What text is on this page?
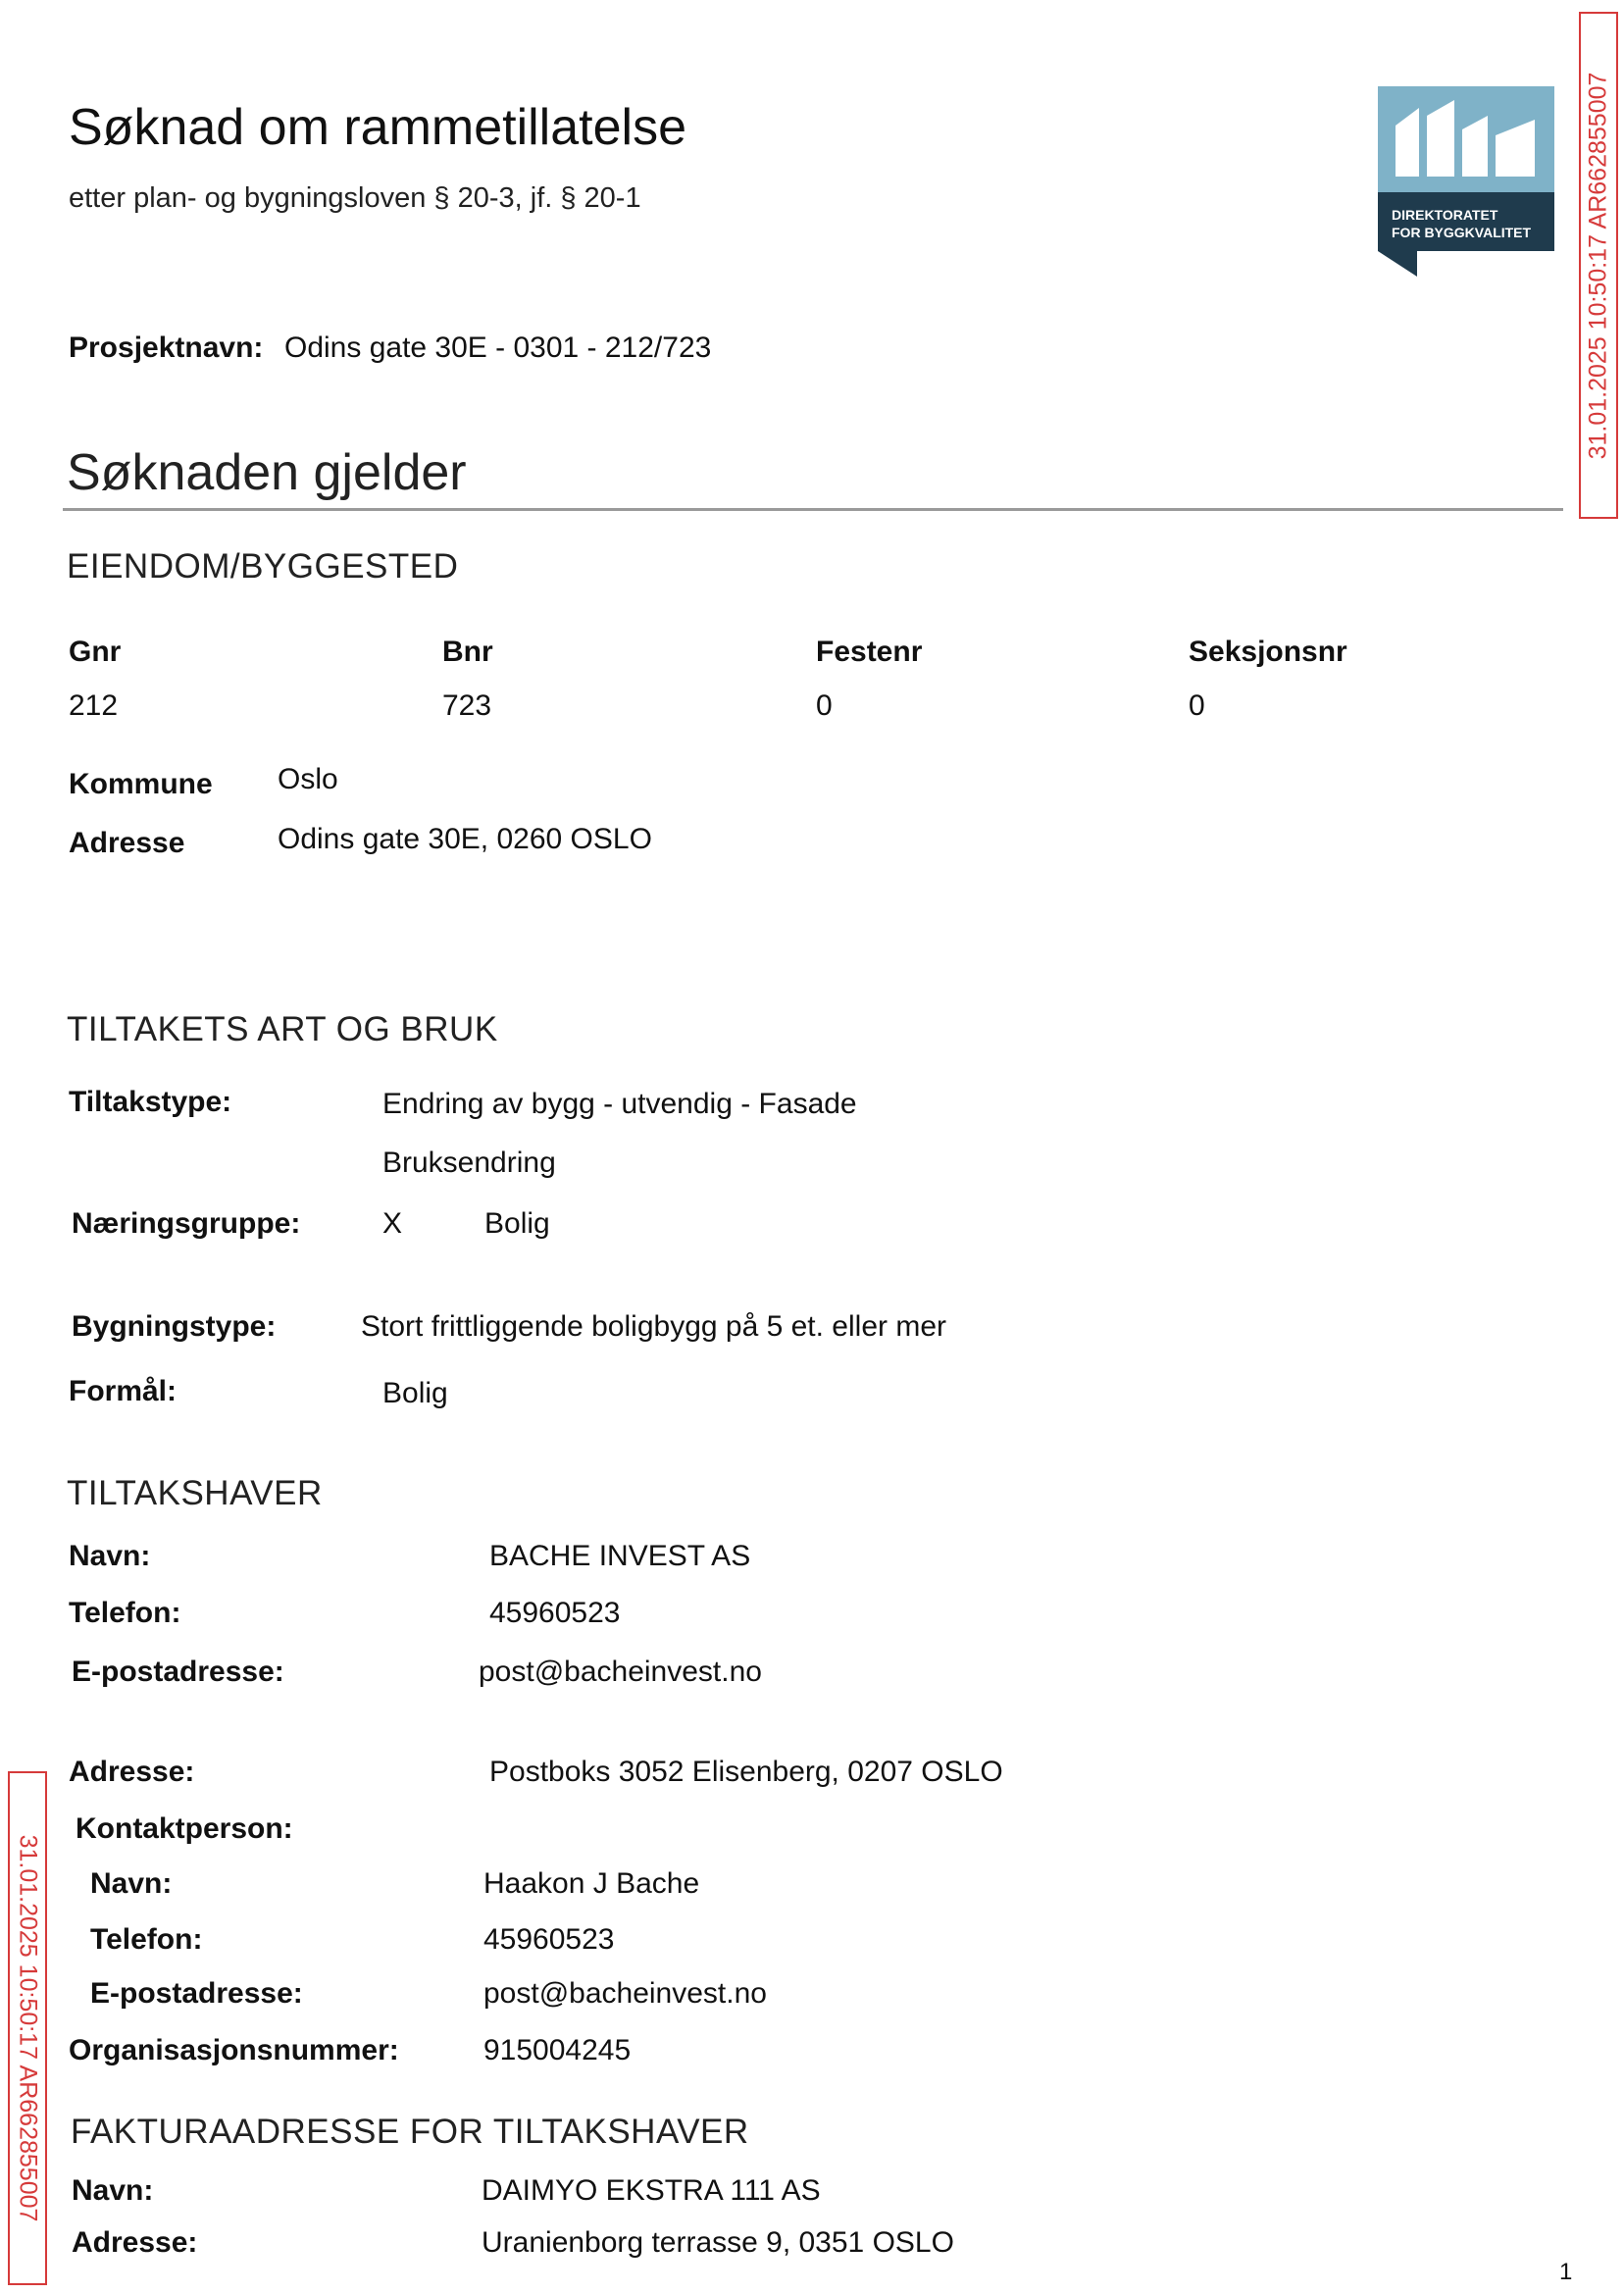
Søknad om rammetillatelse
etter plan- og bygningsloven § 20-3, jf. § 20-1
DIREKTORATET
FOR BYGGKVALITET 31.01.2025 10:50:17 AR662855007
Prosjektnavn: Odins gate 30E - 0301 - 212/723
Søknaden gjelder
EIENDOM/BYGGESTED
Gnr	Bnr	Festenr	Seksjonsnr
212	723	0	0
Kommune Oslo
Adresse	Odins gate 30E, 0260 OSLO
TILTAKETS ART OG BRUK
Tiltakstype:	Endring av bygg - utvendig - Fasade
Bruksendring
Næringsgruppe:	X	Bolig
Bygningstype:	Stort frittliggende boligbygg på 5 et. eller mer
Formål:	Bolig
TILTAKSHAVER
Navn:	BACHE INVEST AS
Telefon:	45960523
E-postadresse:	post@bacheinvest.no
Adresse:	Postboks 3052 Elisenberg, 0207 OSLO
Kontaktperson:
Navn:	Haakon J Bache
Telefon:	45960523
E-postadresse:	post@bacheinvest.no
Organisasjonsnummer:	915004245
FAKTURAADRESSE FOR TILTAKSHAVER
Navn:	DAIMYO EKSTRA 111 AS
Adresse:	Uranienborg terrasse 9, 0351 OSLO
31.01.2025 10:50:17 AR662855007
1
